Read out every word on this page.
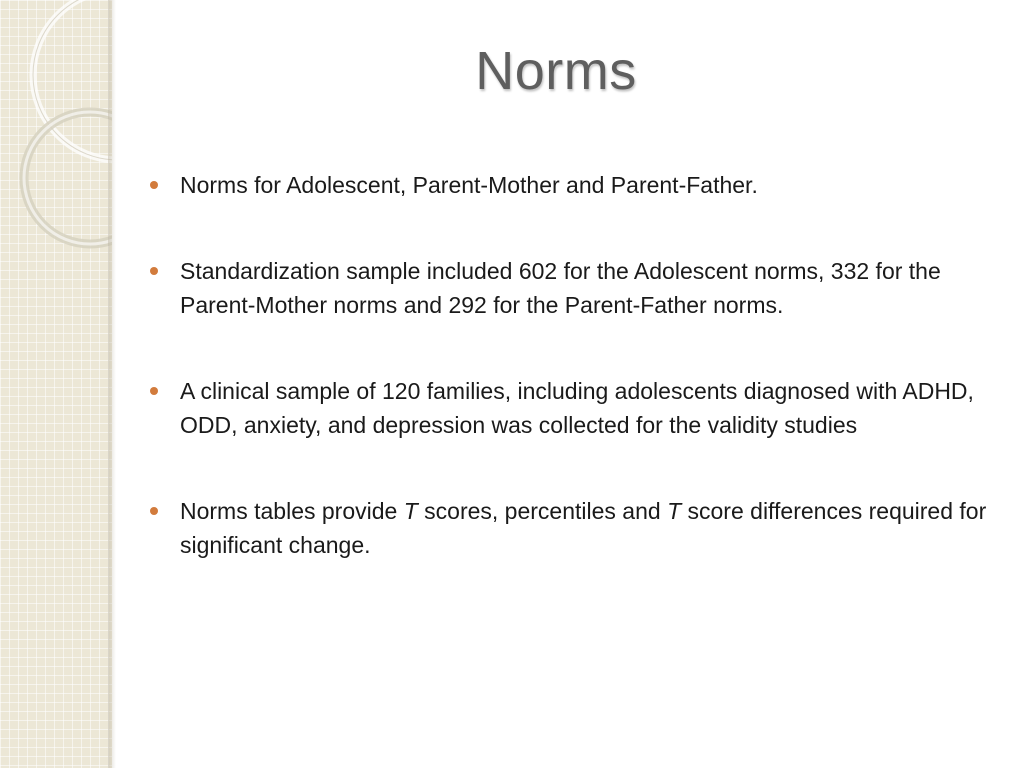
Norms
Norms for Adolescent, Parent-Mother and Parent-Father.
Standardization sample included 602 for the Adolescent norms, 332 for the Parent-Mother norms and 292 for the Parent-Father norms.
A clinical sample of 120 families, including adolescents diagnosed with ADHD, ODD, anxiety, and depression was collected for the validity studies
Norms tables provide T scores, percentiles and T score differences required for significant change.
